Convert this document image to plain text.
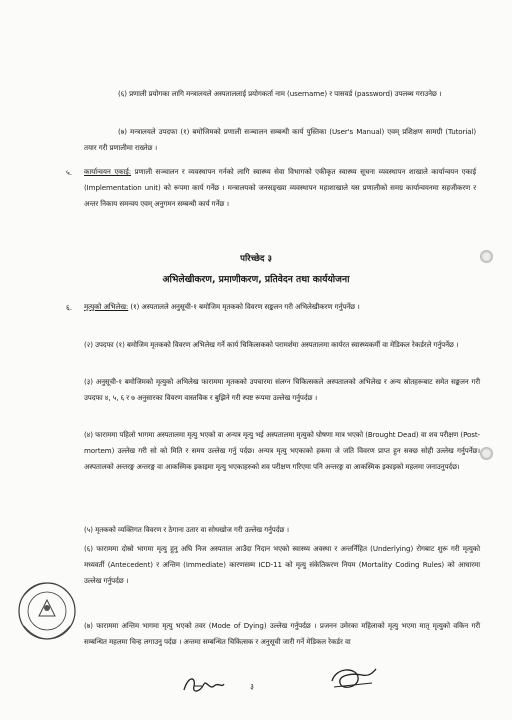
(६) प्रणाली प्रयोगका लागि मन्त्रालयले अस्पताललाई प्रयोगकर्ता नाम (username) र पासवर्ड (password) उपलब्ध गराउनेछ ।
(७) मन्त्रालयले उपदफा (१) बमोजिमको प्रणाली सञ्चालन सम्बन्धी कार्य पुस्तिका (User's Manual) एवम् प्रशिक्षण सामग्री (Tutorial) तयार गरी प्रणालीमा राख्नेछ ।
५. कार्यान्वयन एकाई: प्रणाली सञ्चालन र व्यवस्थापन गर्नको लागि स्वास्थ्य सेवा विभागको एकीकृत स्वास्थ्य सूचना व्यवस्थापन शाखाले कार्यान्वयन एकाई (Implementation unit) को रूपमा कार्य गर्नेछ । मन्त्रालयको जनसङ्ख्या व्यवस्थापन महाशाखाले यस प्रणालीको समग्र कार्यान्वयनमा सहजीकरण र अन्तर निकाय समन्वय एवम् अनुगमन सम्बन्धी कार्य गर्नेछ ।
परिच्छेद ३
अभिलेखीकरण, प्रमाणीकरण, प्रतिवेदन तथा कार्ययोजना
६. मृत्युको अभिलेख: (१) अस्पतालले अनुसूची-१ बमोजिम मृतकको विवरण सङ्कलन गरी अभिलेखीकरण गर्नुपर्नेछ ।
(२) उपदफा (१) बमोजिम मृतकको विवरण अभिलेख गर्ने कार्य चिकित्सकको परामर्शमा अस्पतालमा कार्यरत स्वास्थ्यकर्मी वा मेडिकल रेकर्डरले गर्नुपर्नेछ ।
(३) अनुसूची-१ बमोजिमको मृत्युको अभिलेख फाराममा मृतकको उपचारमा संलग्न चिकित्सकले अस्पतालको अभिलेख र अन्य स्रोतहरूबाट समेत सङ्कलन गरी उपदफा ४, ५, ६ र ७ अनुसारका विवरण वास्तविक र बुझिने गरी स्पष्ट रूपमा उल्लेख गर्नुपर्दछ ।
(४) फाराममा पहिलो भागमा अस्पतालमा मृत्यु भएको वा अन्यत्र मृत्यु भई अस्पतालमा मृत्युको घोषणा मात्र भएको (Brought Dead) वा शव परीक्षण (Post-mortem) उल्लेख गरी सो को मिति र समय उल्लेख गर्नु पर्दछ। अन्यत्र मृत्यु भएकाको हकमा जे जति विवरण प्राप्त हुन सक्छ सोही उल्लेख गर्नुपर्नेछ। अस्पतालको अन्तरङ्ग अन्तरङ्ग वा आकस्मिक इकाइमा मृत्यु भएकाहरुको शव परीक्षण गरिएमा पनि अन्तरङ्ग वा आकस्मिक इकाइको महलमा जनाउनुपर्दछ।
(५) मृतकको व्यक्तिगत विवरण र ठेगाना उतार वा सोधखोज गरी उल्लेख गर्नुपर्दछ ।
(६) फाराममा दोस्रो भागमा मृत्यु हुनु अघि निज अस्पताल आउँदा निदान भएको स्वास्थ्य अवस्था र अन्तर्निहित (Underlying) रोगबाट शुरू गरी मृत्युको मध्यवर्ती (Antecedent) र अन्तिम (Immediate) कारणसम्म ICD-11 को मृत्यु संकेतिकरण नियम (Mortality Coding Rules) को आधारमा उल्लेख गर्नुपर्दछ ।
(७) फाराममा अन्तिम भागमा मृत्यु भएको तवर (Mode of Dying) उल्लेख गर्नुपर्दछ । प्रजनन उमेरका महिलाको मृत्यु भएमा मातृ मृत्युको वकिन गरी सम्बन्धित महलमा चिन्ह लगाउनु पर्दछ । अन्तमा सम्बन्धित चिकित्सक र अनुसूची जारी गर्ने मेडिकल रेकर्डर वा
३
